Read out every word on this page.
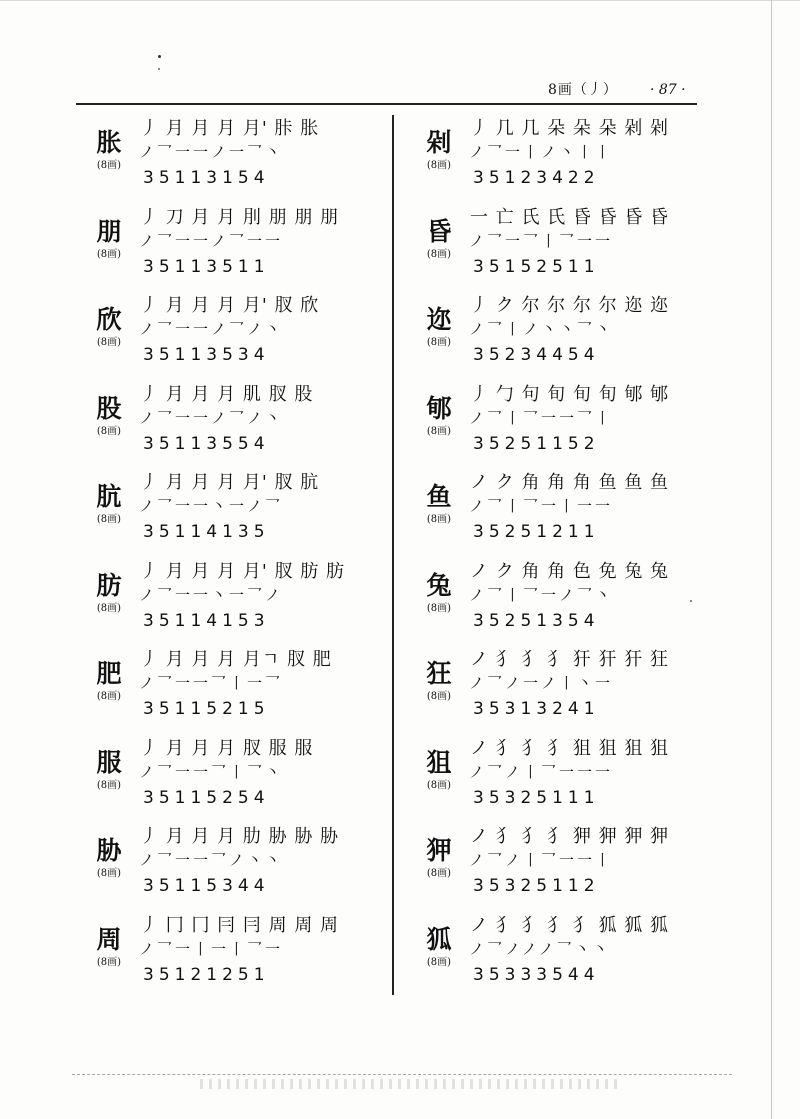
8画（丿） · 87 ·
胀
(8画)
丿 月 月 月 月' 胩 胀
ノ乛一一ノ一乛丶
35113154
朋
(8画)
丿 刀 月 月 刖 朋 朋 朋
ノ乛一一ノ乛一一
35113511
欣
(8画)
丿 月 月 月 月' 肞 欣
ノ乛一一ノ乛ノ丶
35113534
股
(8画)
丿 月 月 月 肌 肞 股
ノ乛一一ノ乛ノ丶
35113554
肮
(8画)
丿 月 月 月 月' 肞 肮
ノ乛一一丶一ノ乛
35114135
肪
(8画)
丿 月 月 月 月' 肞 肪 肪
ノ乛一一丶一乛ノ
35114153
肥
(8画)
丿 月 月 月 月ㄱ 肞 肥
ノ乛一一乛丨一乛
35115215
服
(8画)
丿 月 月 月 肞 服 服
ノ乛一一乛丨乛丶
35115254
胁
(8画)
丿 月 月 月 肋 胁 胁 胁
ノ乛一一乛ノ丶丶
35115344
周
(8画)
丿 冂 冂 冃 冃 周 周 周
ノ乛一丨一丨乛一
35121251
剁
(8画)
丿 几 几 朵 朵 朵 剁 剁
ノ乛一丨ノ丶丨丨
35123422
昏
(8画)
一 亡 氏 氏 昏 昏 昏 昏
ノ乛一乛丨乛一一
35152511
迩
(8画)
丿 ク 尔 尔 尔 尔 迩 迩
ノ乛丨ノ丶丶乛丶
35234454
郇
(8画)
丿 勹 句 旬 旬 旬 郇 郇
ノ乛丨乛一一乛丨
35251152
鱼
(8画)
ノ ク 角 角 角 鱼 鱼 鱼
ノ乛丨乛一丨一一
35251211
兔
(8画)
ノ ク 角 角 色 免 兔 兔
ノ乛丨乛一ノ乛丶
35251354
狂
(8画)
ノ 犭 犭 犭 犴 犴 犴 狂
ノ乛ノ一ノ丨丶一
35313241
狙
(8画)
ノ 犭 犭 犭 狙 狙 狙 狙
ノ乛ノ丨乛一一一
35325111
狎
(8画)
ノ 犭 犭 犭 狎 狎 狎 狎
ノ乛ノ丨乛一一丨
35325112
狐
(8画)
ノ 犭 犭 犭 犭 狐 狐 狐
ノ乛ノノノ乛丶丶
35333544
